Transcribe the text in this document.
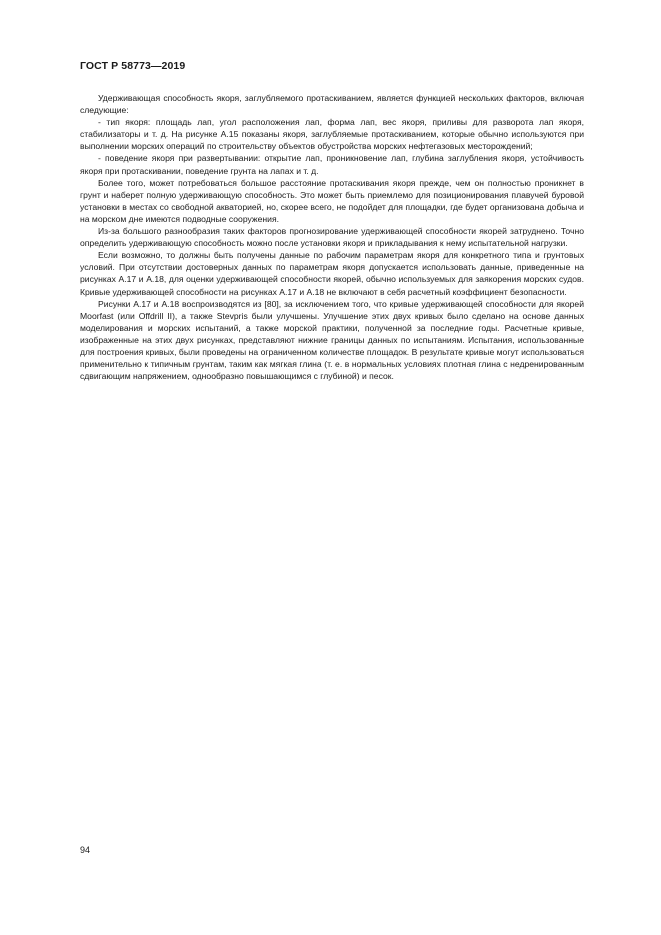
ГОСТ Р 58773—2019

Удерживающая способность якоря, заглубляемого протаскиванием, является функцией нескольких факторов, включая следующие:

- тип якоря: площадь лап, угол расположения лап, форма лап, вес якоря, приливы для разворота лап якоря, стабилизаторы и т. д. На рисунке А.15 показаны якоря, заглубляемые протаскиванием, которые обычно используются при выполнении морских операций по строительству объектов обустройства морских нефтегазовых месторождений;

- поведение якоря при развертывании: открытие лап, проникновение лап, глубина заглубления якоря, устойчивость якоря при протаскивании, поведение грунта на лапах и т. д.

Более того, может потребоваться большое расстояние протаскивания якоря прежде, чем он полностью проникнет в грунт и наберет полную удерживающую способность. Это может быть приемлемо для позиционирования плавучей буровой установки в местах со свободной акваторией, но, скорее всего, не подойдет для площадки, где будет организована добыча и на морском дне имеются подводные сооружения.

Из-за большого разнообразия таких факторов прогнозирование удерживающей способности якорей затруднено. Точно определить удерживающую способность можно после установки якоря и прикладывания к нему испытательной нагрузки.

Если возможно, то должны быть получены данные по рабочим параметрам якоря для конкретного типа и грунтовых условий. При отсутствии достоверных данных по параметрам якоря допускается использовать данные, приведенные на рисунках А.17 и А.18, для оценки удерживающей способности якорей, обычно используемых для заякорения морских судов. Кривые удерживающей способности на рисунках А.17 и А.18 не включают в себя расчетный коэффициент безопасности.

Рисунки А.17 и А.18 воспроизводятся из [80], за исключением того, что кривые удерживающей способности для якорей Moorfast (или Offdrill II), а также Stevpris были улучшены. Улучшение этих двух кривых было сделано на основе данных моделирования и морских испытаний, а также морской практики, полученной за последние годы. Расчетные кривые, изображенные на этих двух рисунках, представляют нижние границы данных по испытаниям. Испытания, использованные для построения кривых, были проведены на ограниченном количестве площадок. В результате кривые могут использоваться применительно к типичным грунтам, таким как мягкая глина (т. е. в нормальных условиях плотная глина с недренированным сдвигающим напряжением, однообразно повышающимся с глубиной) и песок.

94
